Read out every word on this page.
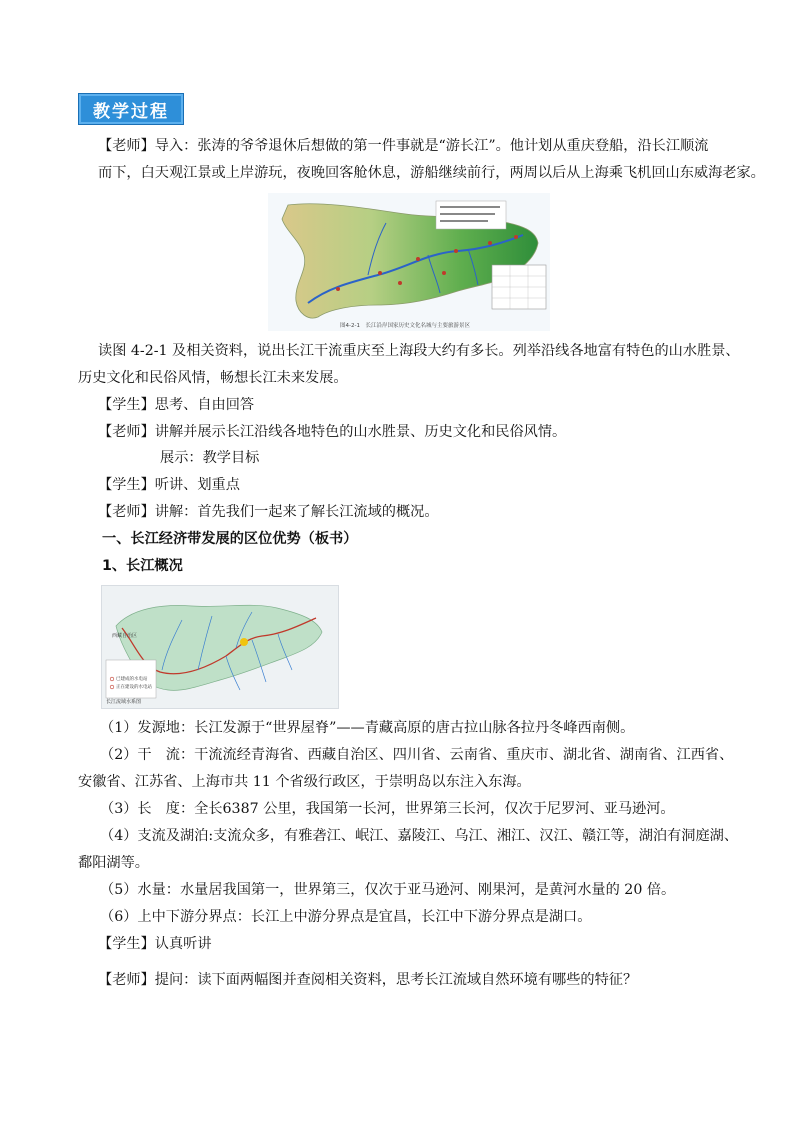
教学过程
【老师】导入：张涛的爷爷退休后想做的第一件事就是“游长江”。他计划从重庆登船，沿长江顺流
而下，白天观江景或上岸游玩，夜晚回客舱休息，游船继续前行，两周以后从上海乘飞机回山东威海老家。
图4-2-1　长江沿岸国家历史文化名城与主要旅游景区
读图 4-2-1 及相关资料，说出长江干流重庆至上海段大约有多长。列举沿线各地富有特色的山水胜景、
历史文化和民俗风情，畅想长江未来发展。
【学生】思考、自由回答
【老师】讲解并展示长江沿线各地特色的山水胜景、历史文化和民俗风情。
展示：教学目标
【学生】听讲、划重点
【老师】讲解：首先我们一起来了解长江流域的概况。
一、长江经济带发展的区位优势（板书）
1、长江概况
西藏自治区
已建成的水电站
正在建设的水电站
长江流域水系图
（1）发源地：长江发源于“世界屋脊”——青藏高原的唐古拉山脉各拉丹冬峰西南侧。
（2）干　流：干流流经青海省、西藏自治区、四川省、云南省、重庆市、湖北省、湖南省、江西省、
安徽省、江苏省、上海市共 11 个省级行政区，于崇明岛以东注入东海。
（3）长　度：全长6387 公里，我国第一长河，世界第三长河，仅次于尼罗河、亚马逊河。
（4）支流及湖泊:支流众多，有雅砻江、岷江、嘉陵江、乌江、湘江、汉江、赣江等，湖泊有洞庭湖、
鄱阳湖等。
（5）水量：水量居我国第一，世界第三，仅次于亚马逊河、刚果河，是黄河水量的 20 倍。
（6）上中下游分界点：长江上中游分界点是宜昌，长江中下游分界点是湖口。
【学生】认真听讲
【老师】提问：读下面两幅图并查阅相关资料，思考长江流域自然环境有哪些的特征？
